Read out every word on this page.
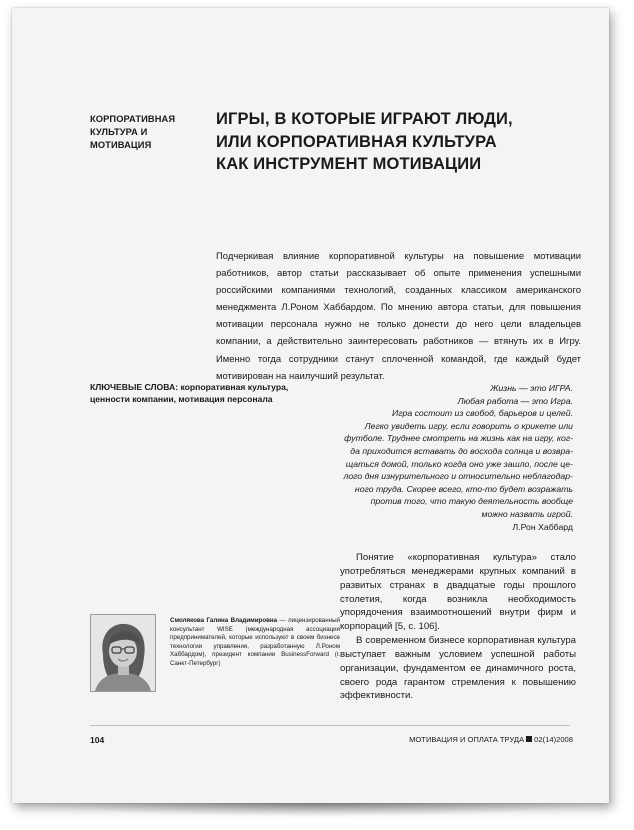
КОРПОРАТИВНАЯ
КУЛЬТУРА И МОТИВАЦИЯ
ИГРЫ, В КОТОРЫЕ ИГРАЮТ ЛЮДИ,
ИЛИ КОРПОРАТИВНАЯ КУЛЬТУРА
КАК ИНСТРУМЕНТ МОТИВАЦИИ

Подчеркивая влияние корпоративной культуры на повышение мотивации работников, автор статьи рассказывает об опыте применения успешными российскими компаниями технологий, созданных классиком американского менеджмента Л.Роном Хаббардом. По мнению автора статьи, для повышения мотивации персонала нужно не только донести до него цели владельцев компании, а действительно заинтересовать работников — втянуть их в Игру. Именно тогда сотрудники станут сплоченной командой, где каждый будет мотивирован на наилучший результат.

КЛЮЧЕВЫЕ СЛОВА: корпоративная культура, ценности компании, мотивация персонала
Жизнь — это ИГРА.
Любая работа — это Игра.
Игра состоит из свобод, барьеров и целей.
Легко увидеть игру, если говорить о крикете или
футболе. Труднее смотреть на жизнь как на игру, ког-
да приходится вставать до восхода солнца и возвра-
щаться домой, только когда оно уже зашло, после це-
лого дня изнурительного и относительно неблагодар-
ного труда. Скорее всего, кто-то будет возражать
против того, что такую деятельность вообще
можно назвать игрой.
Л.Рон Хаббард

Понятие «корпоративная культура» стало употребляться менеджерами крупных компаний в развитых странах в двадцатые годы прошлого столетия, когда возникла необходимость упорядочения взаимоотношений внутри фирм и корпораций [5, с. 106].

В современном бизнесе корпоративная культура выступает важным условием успешной работы организации, фундаментом ее динамичного роста, своего рода гарантом стремления к повышению эффективности.

Смолякова Галина Владимировна — лицензированный консультант WISE (международная ассоциация предпринимателей, которые используют в своем бизнесе технологии управления, разработанную Л.Роном Хаббардом), президент компании BusinessForward (г. Санкт-Петербург)
104	МОТИВАЦИЯ И ОПЛАТА ТРУДА 02(14)2008
